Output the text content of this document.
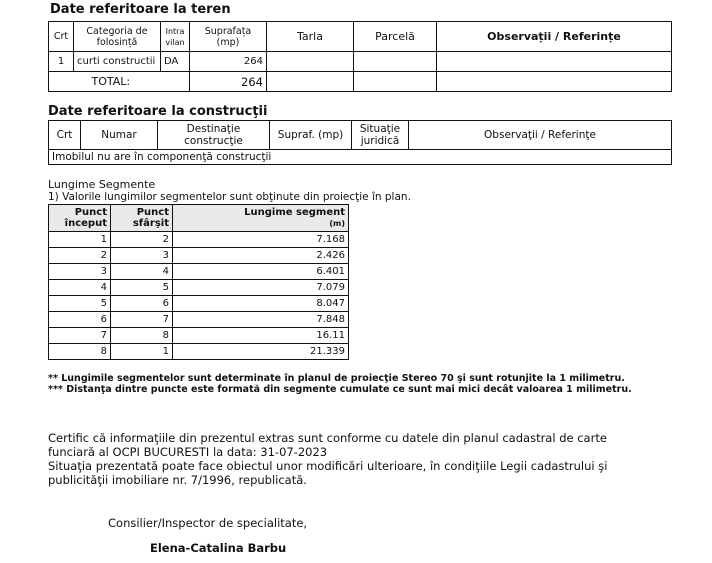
Date referitoare la teren
Crt	Categoria de folosință	Intra vilan	Suprafața (mp)	Tarla	Parcelă	Observații / Referințe
1	curti constructii	DA	264			
	TOTAL:		264			
Date referitoare la construcţii
Crt	Numar	Destinaţie construcţie	Supraf. (mp)	Situaţie juridică	Observaţii / Referinţe
Imobilul nu are în componenţă construcţii
Lungime Segmente
1) Valorile lungimilor segmentelor sunt obţinute din proiecţie în plan.
Punct început	Punct sfârşit	Lungime segment
(m)

1	2	7.168
2	3	2.426
3	4	6.401
4	5	7.079
5	6	8.047
6	7	7.848
7	8	16.11
8	1	21.339
** Lungimile segmentelor sunt determinate în planul de proiecţie Stereo 70 şi sunt rotunjite la 1 milimetru.
*** Distanţa dintre puncte este formată din segmente cumulate ce sunt mai mici decât valoarea 1 milimetru.
Certific că informaţiile din prezentul extras sunt conforme cu datele din planul cadastral de carte
funciară al OCPI BUCURESTI la data: 31-07-2023
Situaţia prezentată poate face obiectul unor modificări ulterioare, în condiţiile Legii cadastrului şi
publicităţii imobiliare nr. 7/1996, republicată.
Consilier/Inspector de specialitate,
Elena-Catalina Barbu
